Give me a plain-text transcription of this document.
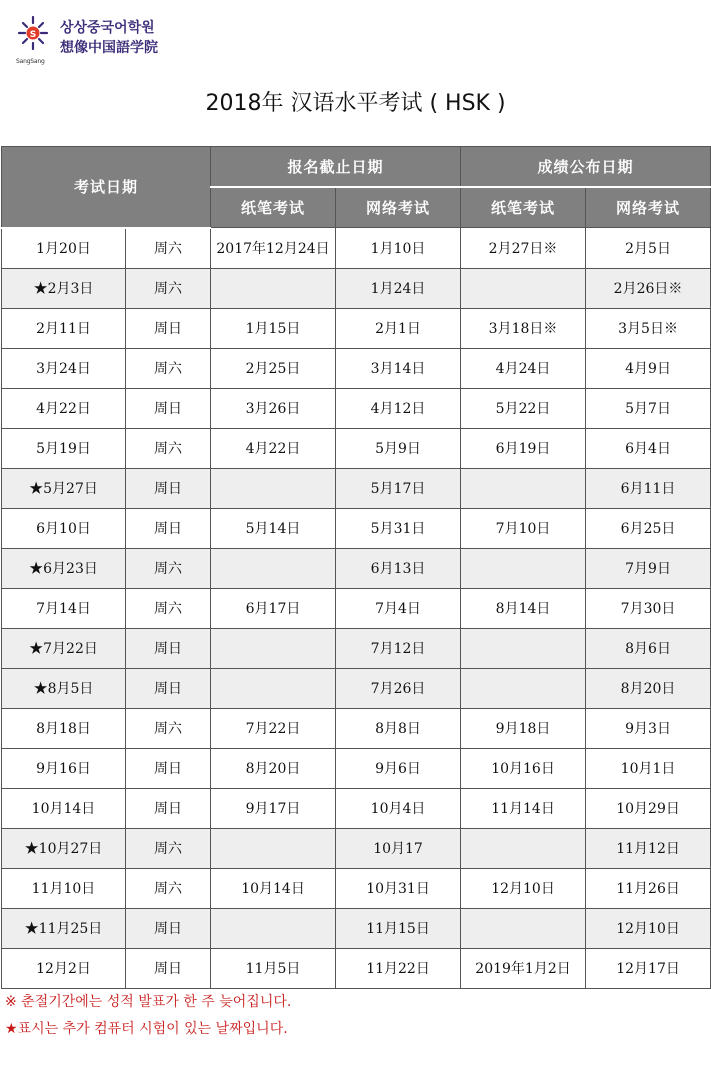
S 상상중국어학원
想像中国語学院
SangSang
2018年 汉语水平考试 ( HSK )
考试日期		报名截止日期		成绩公布日期	
		纸笔考试	网络考试	纸笔考试	网络考试
1月20日	周六	2017年12月24日	1月10日	2月27日※	2月5日
★2月3日	周六		1月24日		2月26日※
2月11日	周日	1月15日	2月1日	3月18日※	3月5日※
3月24日	周六	2月25日	3月14日	4月24日	4月9日
4月22日	周日	3月26日	4月12日	5月22日	5月7日
5月19日	周六	4月22日	5月9日	6月19日	6月4日
★5月27日	周日		5月17日		6月11日
6月10日	周日	5月14日	5月31日	7月10日	6月25日
★6月23日	周六		6月13日		7月9日
7月14日	周六	6月17日	7月4日	8月14日	7月30日
★7月22日	周日		7月12日		8月6日
★8月5日	周日		7月26日		8月20日
8月18日	周六	7月22日	8月8日	9月18日	9月3日
9月16日	周日	8月20日	9月6日	10月16日	10月1日
10月14日	周日	9月17日	10月4日	11月14日	10月29日
★10月27日	周六		10月17		11月12日
11月10日	周六	10月14日	10月31日	12月10日	11月26日
★11月25日	周日		11月15日		12月10日
12月2日	周日	11月5日	11月22日	2019年1月2日	12月17日
※ 춘절기간에는 성적 발표가 한 주 늦어집니다.
★표시는 추가 컴퓨터 시험이 있는 날짜입니다.
